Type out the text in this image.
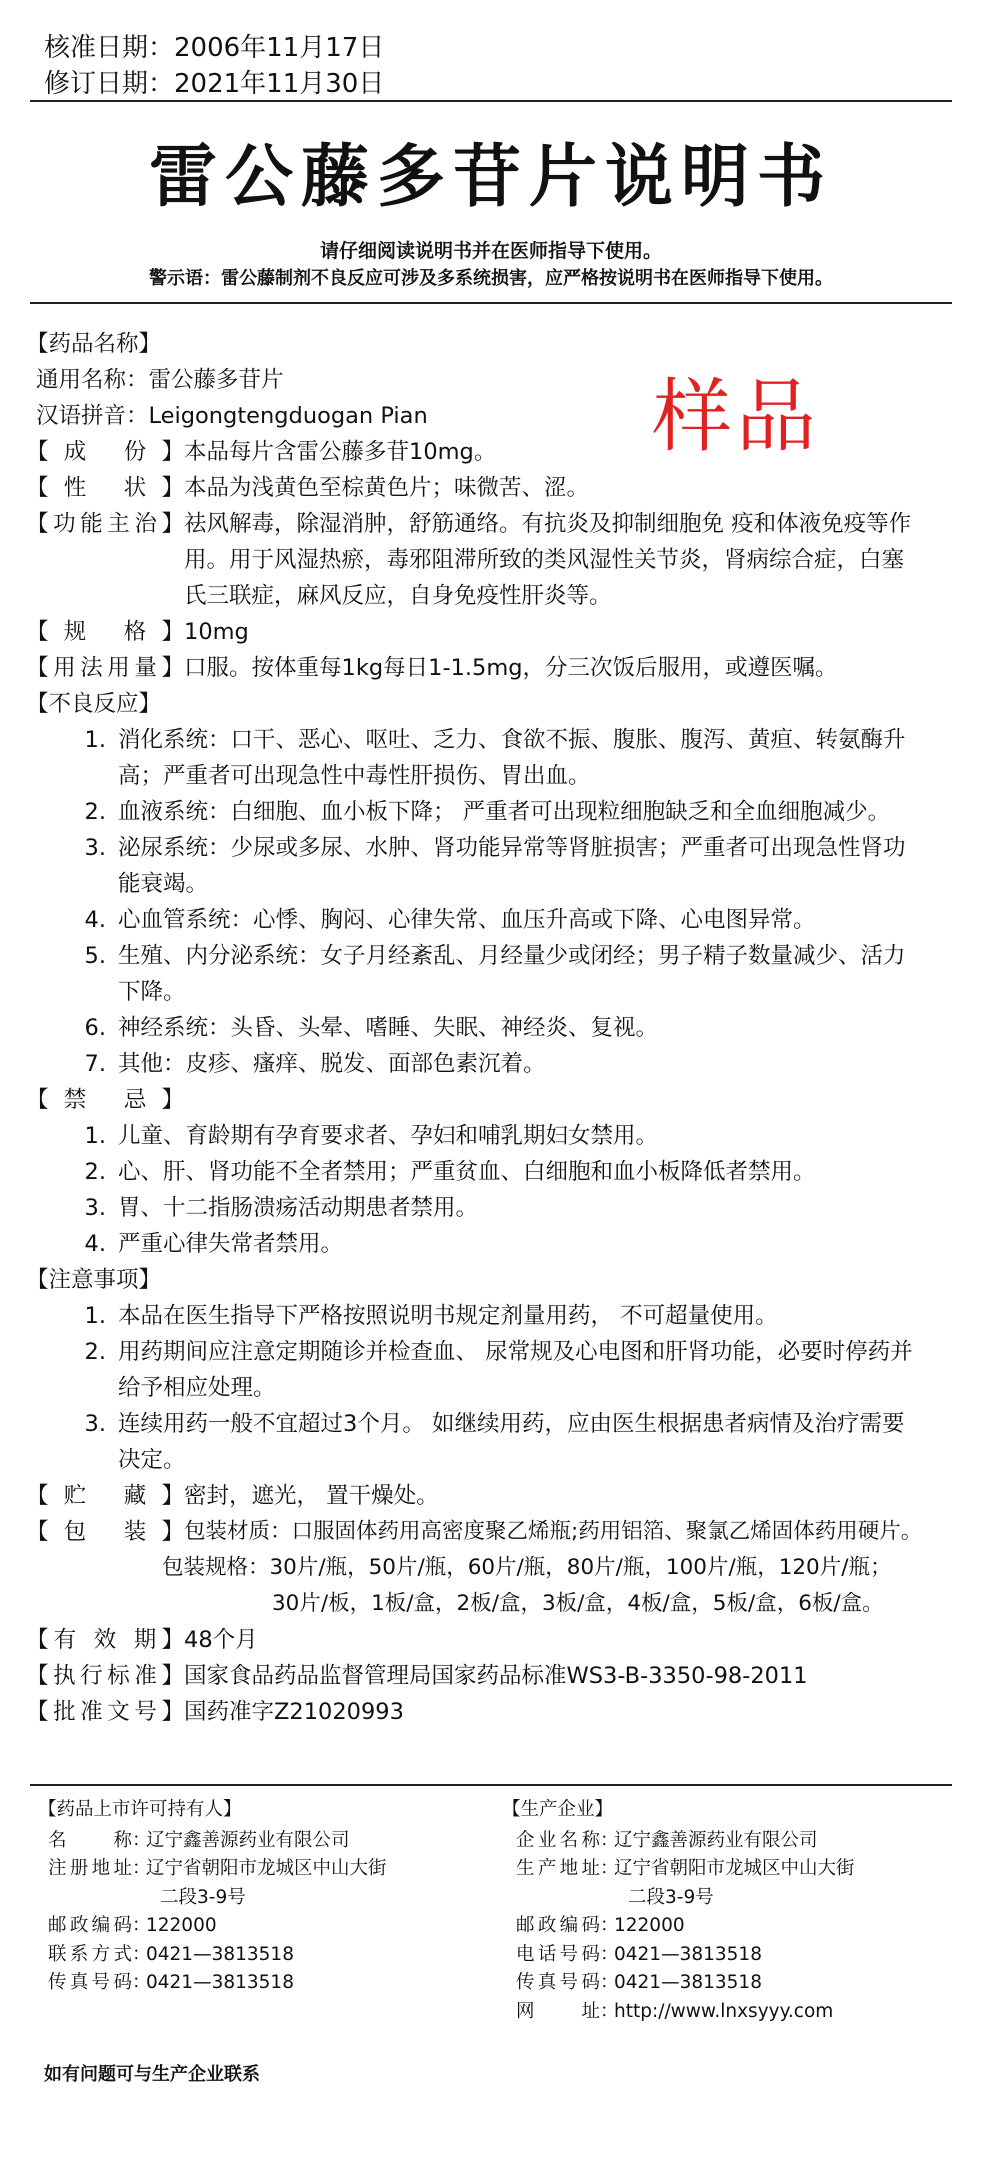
核准日期：2006年11月17日
修订日期：2021年11月30日
雷公藤多苷片说明书
请仔细阅读说明书并在医师指导下使用。
警示语：雷公藤制剂不良反应可涉及多系统损害，应严格按说明书在医师指导下使用。
样品
【药品名称】
通用名称：雷公藤多苷片
汉语拼音：Leigongtengduogan Pian
【成 份】 本品每片含雷公藤多苷10mg。
【性 状】 本品为浅黄色至棕黄色片；味微苦、涩。
【功能主治】 祛风解毒，除湿消肿，舒筋通络。有抗炎及抑制细胞免 疫和体液免疫等作用。用于风湿热瘀，毒邪阻滞所致的类风湿性关节炎，肾病综合症，白塞氏三联症，麻风反应，自身免疫性肝炎等。
【规 格】 10mg
【用法用量】 口服。按体重每1kg每日1-1.5mg，分三次饭后服用，或遵医嘱。
【不良反应】
1. 消化系统：口干、恶心、呕吐、乏力、食欲不振、腹胀、腹泻、黄疸、转氨酶升高；严重者可出现急性中毒性肝损伤、胃出血。
2. 血液系统：白细胞、血小板下降； 严重者可出现粒细胞缺乏和全血细胞减少。
3. 泌尿系统：少尿或多尿、水肿、肾功能异常等肾脏损害；严重者可出现急性肾功能衰竭。
4. 心血管系统：心悸、胸闷、心律失常、血压升高或下降、心电图异常。
5. 生殖、内分泌系统：女子月经紊乱、月经量少或闭经；男子精子数量减少、活力下降。
6. 神经系统：头昏、头晕、嗜睡、失眠、神经炎、复视。
7. 其他：皮疹、瘙痒、脱发、面部色素沉着。
【禁 忌】
1. 儿童、育龄期有孕育要求者、孕妇和哺乳期妇女禁用。
2. 心、肝、肾功能不全者禁用；严重贫血、白细胞和血小板降低者禁用。
3. 胃、十二指肠溃疡活动期患者禁用。
4. 严重心律失常者禁用。
【注意事项】
1. 本品在医生指导下严格按照说明书规定剂量用药， 不可超量使用。
2. 用药期间应注意定期随诊并检查血、 尿常规及心电图和肝肾功能，必要时停药并给予相应处理。
3. 连续用药一般不宜超过3个月。 如继续用药，应由医生根据患者病情及治疗需要决定。
【贮 藏】 密封，遮光， 置干燥处。
【包 装】 包装材质：口服固体药用高密度聚乙烯瓶;药用铝箔、聚氯乙烯固体药用硬片。
包装规格：30片/瓶，50片/瓶，60片/瓶，80片/瓶，100片/瓶，120片/瓶；
30片/板，1板/盒，2板/盒，3板/盒，4板/盒，5板/盒，6板/盒。
【有 效 期】 48个月
【执行标准】 国家食品药品监督管理局国家药品标准WS3-B-3350-98-2011
【批准文号】 国药准字Z21020993
【药品上市许可持有人】
名 称 ：
辽宁鑫善源药业有限公司
注册地址 ：
辽宁省朝阳市龙城区中山大街
二段3-9号
邮政编码 ：
122000
联系方式 ：
0421—3813518
传真号码 ：
0421—3813518
【生产企业】
企业名称 ：
辽宁鑫善源药业有限公司
生产地址 ：
辽宁省朝阳市龙城区中山大街
二段3-9号
邮政编码 ：
122000
电话号码 ：
0421—3813518
传真号码 ：
0421—3813518
网 址 ：
http://www.lnxsyyy.com
如有问题可与生产企业联系
